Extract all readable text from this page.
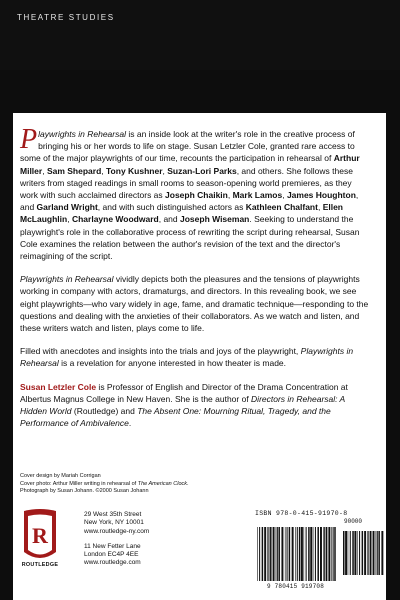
THEATRE STUDIES

Playwrights in Rehearsal is an inside look at the writer's role in the creative process of bringing his or her words to life on stage. Susan Letzler Cole, granted rare access to some of the major playwrights of our time, recounts the participation in rehearsal of Arthur Miller, Sam Shepard, Tony Kushner, Suzan-Lori Parks, and others. She follows these writers from staged readings in small rooms to season-opening world premieres, as they work with such acclaimed directors as Joseph Chaikin, Mark Lamos, James Houghton, and Garland Wright, and with such distinguished actors as Kathleen Chalfant, Ellen McLaughlin, Charlayne Woodward, and Joseph Wiseman. Seeking to understand the playwright's role in the collaborative process of rewriting the script during rehearsal, Susan Cole examines the relation between the author's revision of the text and the director's reimagining of the script.

Playwrights in Rehearsal vividly depicts both the pleasures and the tensions of playwrights working in company with actors, dramaturgs, and directors. In this revealing book, we see eight playwrights—who vary widely in age, fame, and dramatic technique—responding to the questions and dealing with the anxieties of their collaborators. As we watch and listen, and these writers watch and listen, plays come to life.

Filled with anecdotes and insights into the trials and joys of the playwright, Playwrights in Rehearsal is a revelation for anyone interested in how theater is made.

Susan Letzler Cole is Professor of English and Director of the Drama Concentration at Albertus Magnus College in New Haven. She is the author of Directors in Rehearsal: A Hidden World (Routledge) and The Absent One: Mourning Ritual, Tragedy, and the Performance of Ambivalence.

Cover design by Mariah Corrigan
Cover photo: Arthur Miller writing in rehearsal of The American Clock.
Photograph by Susan Johann. ©2000 Susan Johann
R	Taylor & Francis Group
ROUTLEDGE
29 West 35th Street
New York, NY 10001
www.routledge-ny.com
11 New Fetter Lane
London EC4P 4EE
www.routledge.com
ISBN 978-0-415-91970-8
90000
9 780415 919708
